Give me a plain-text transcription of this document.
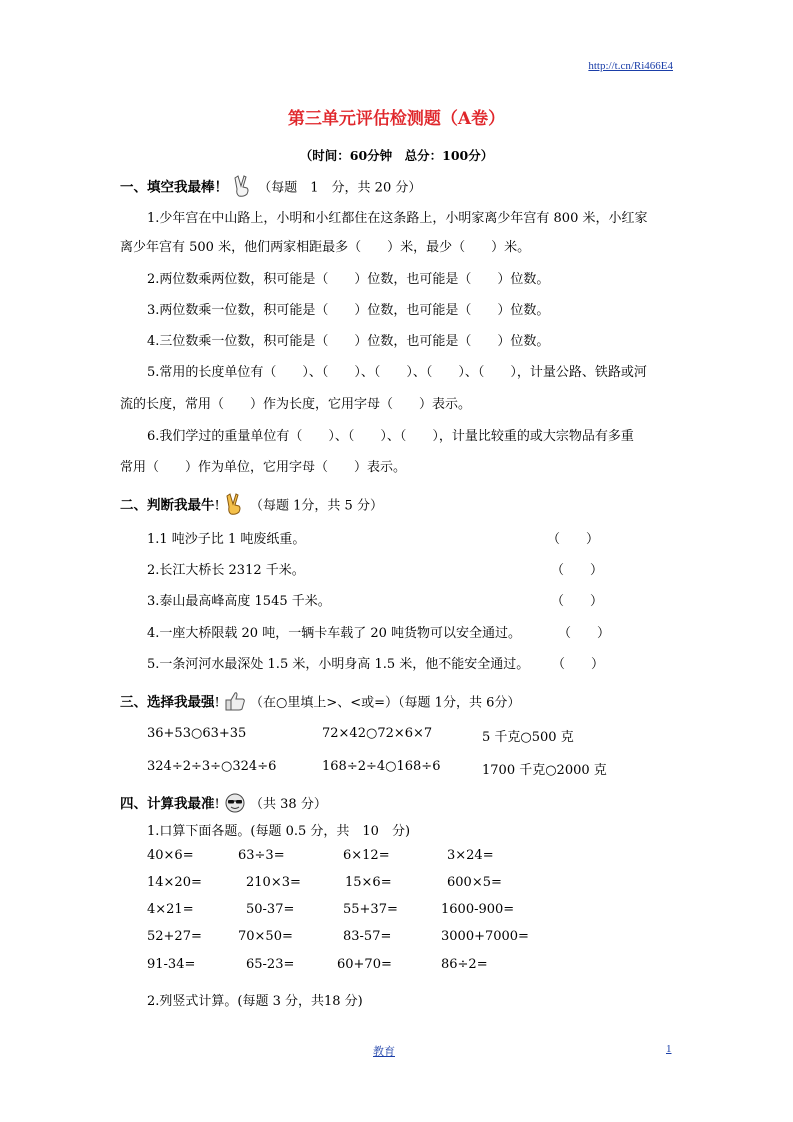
http://t.cn/Ri466E4
第三单元评估检测题（A卷）
（时间：60分钟　总分：100分）
一、填空我最棒！ （每题　1　分，共 20 分）
1.少年宫在中山路上，小明和小红都住在这条路上，小明家离少年宫有 800 米，小红家
离少年宫有 500 米，他们两家相距最多（　　）米，最少（　　）米。
2.两位数乘两位数，积可能是（　　）位数，也可能是（　　）位数。
3.两位数乘一位数，积可能是（　　）位数，也可能是（　　）位数。
4.三位数乘一位数，积可能是（　　）位数，也可能是（　　）位数。
5.常用的长度单位有（　　）、（　　）、（　　）、（　　）、（　　），计量公路、铁路或河
流的长度，常用（　　）作为长度，它用字母（　　）表示。
6.我们学过的重量单位有（　　）、（　　）、（　　），计量比较重的或大宗物品有多重
常用（　　）作为单位，它用字母（　　）表示。
二、判断我最牛! （每题 1分，共 5 分）
1.1 吨沙子比 1 吨废纸重。	（　　）
2.长江大桥长 2312 千米。	（　　）
3.泰山最高峰高度 1545 千米。	（　　）
4.一座大桥限载 20 吨，一辆卡车载了 20 吨货物可以安全通过。	（　　）
5.一条河河水最深处 1.5 米，小明身高 1.5 米，他不能安全通过。 （　　）
三、选择我最强! （在○里填上>、<或=）（每题 1分，共 6分）
36+53○63+35	72×42○72×6×7	5 千克○500 克
324÷2÷3÷○324÷6	168÷2÷4○168÷6	1700 千克○2000 克
四、计算我最准! （共 38 分）
1.口算下面各题。(每题 0.5 分，共　10　分)
40×6=	63÷3=	6×12=	3×24=
14×20=	210×3=	15×6=	600×5=
4×21=	50-37=	55+37=	1600-900=
52+27=	70×50=	83-57=	3000+7000=
91-34=	65-23=	60+70=	86÷2=
2.列竖式计算。(每题 3 分，共18 分)
教育	1
